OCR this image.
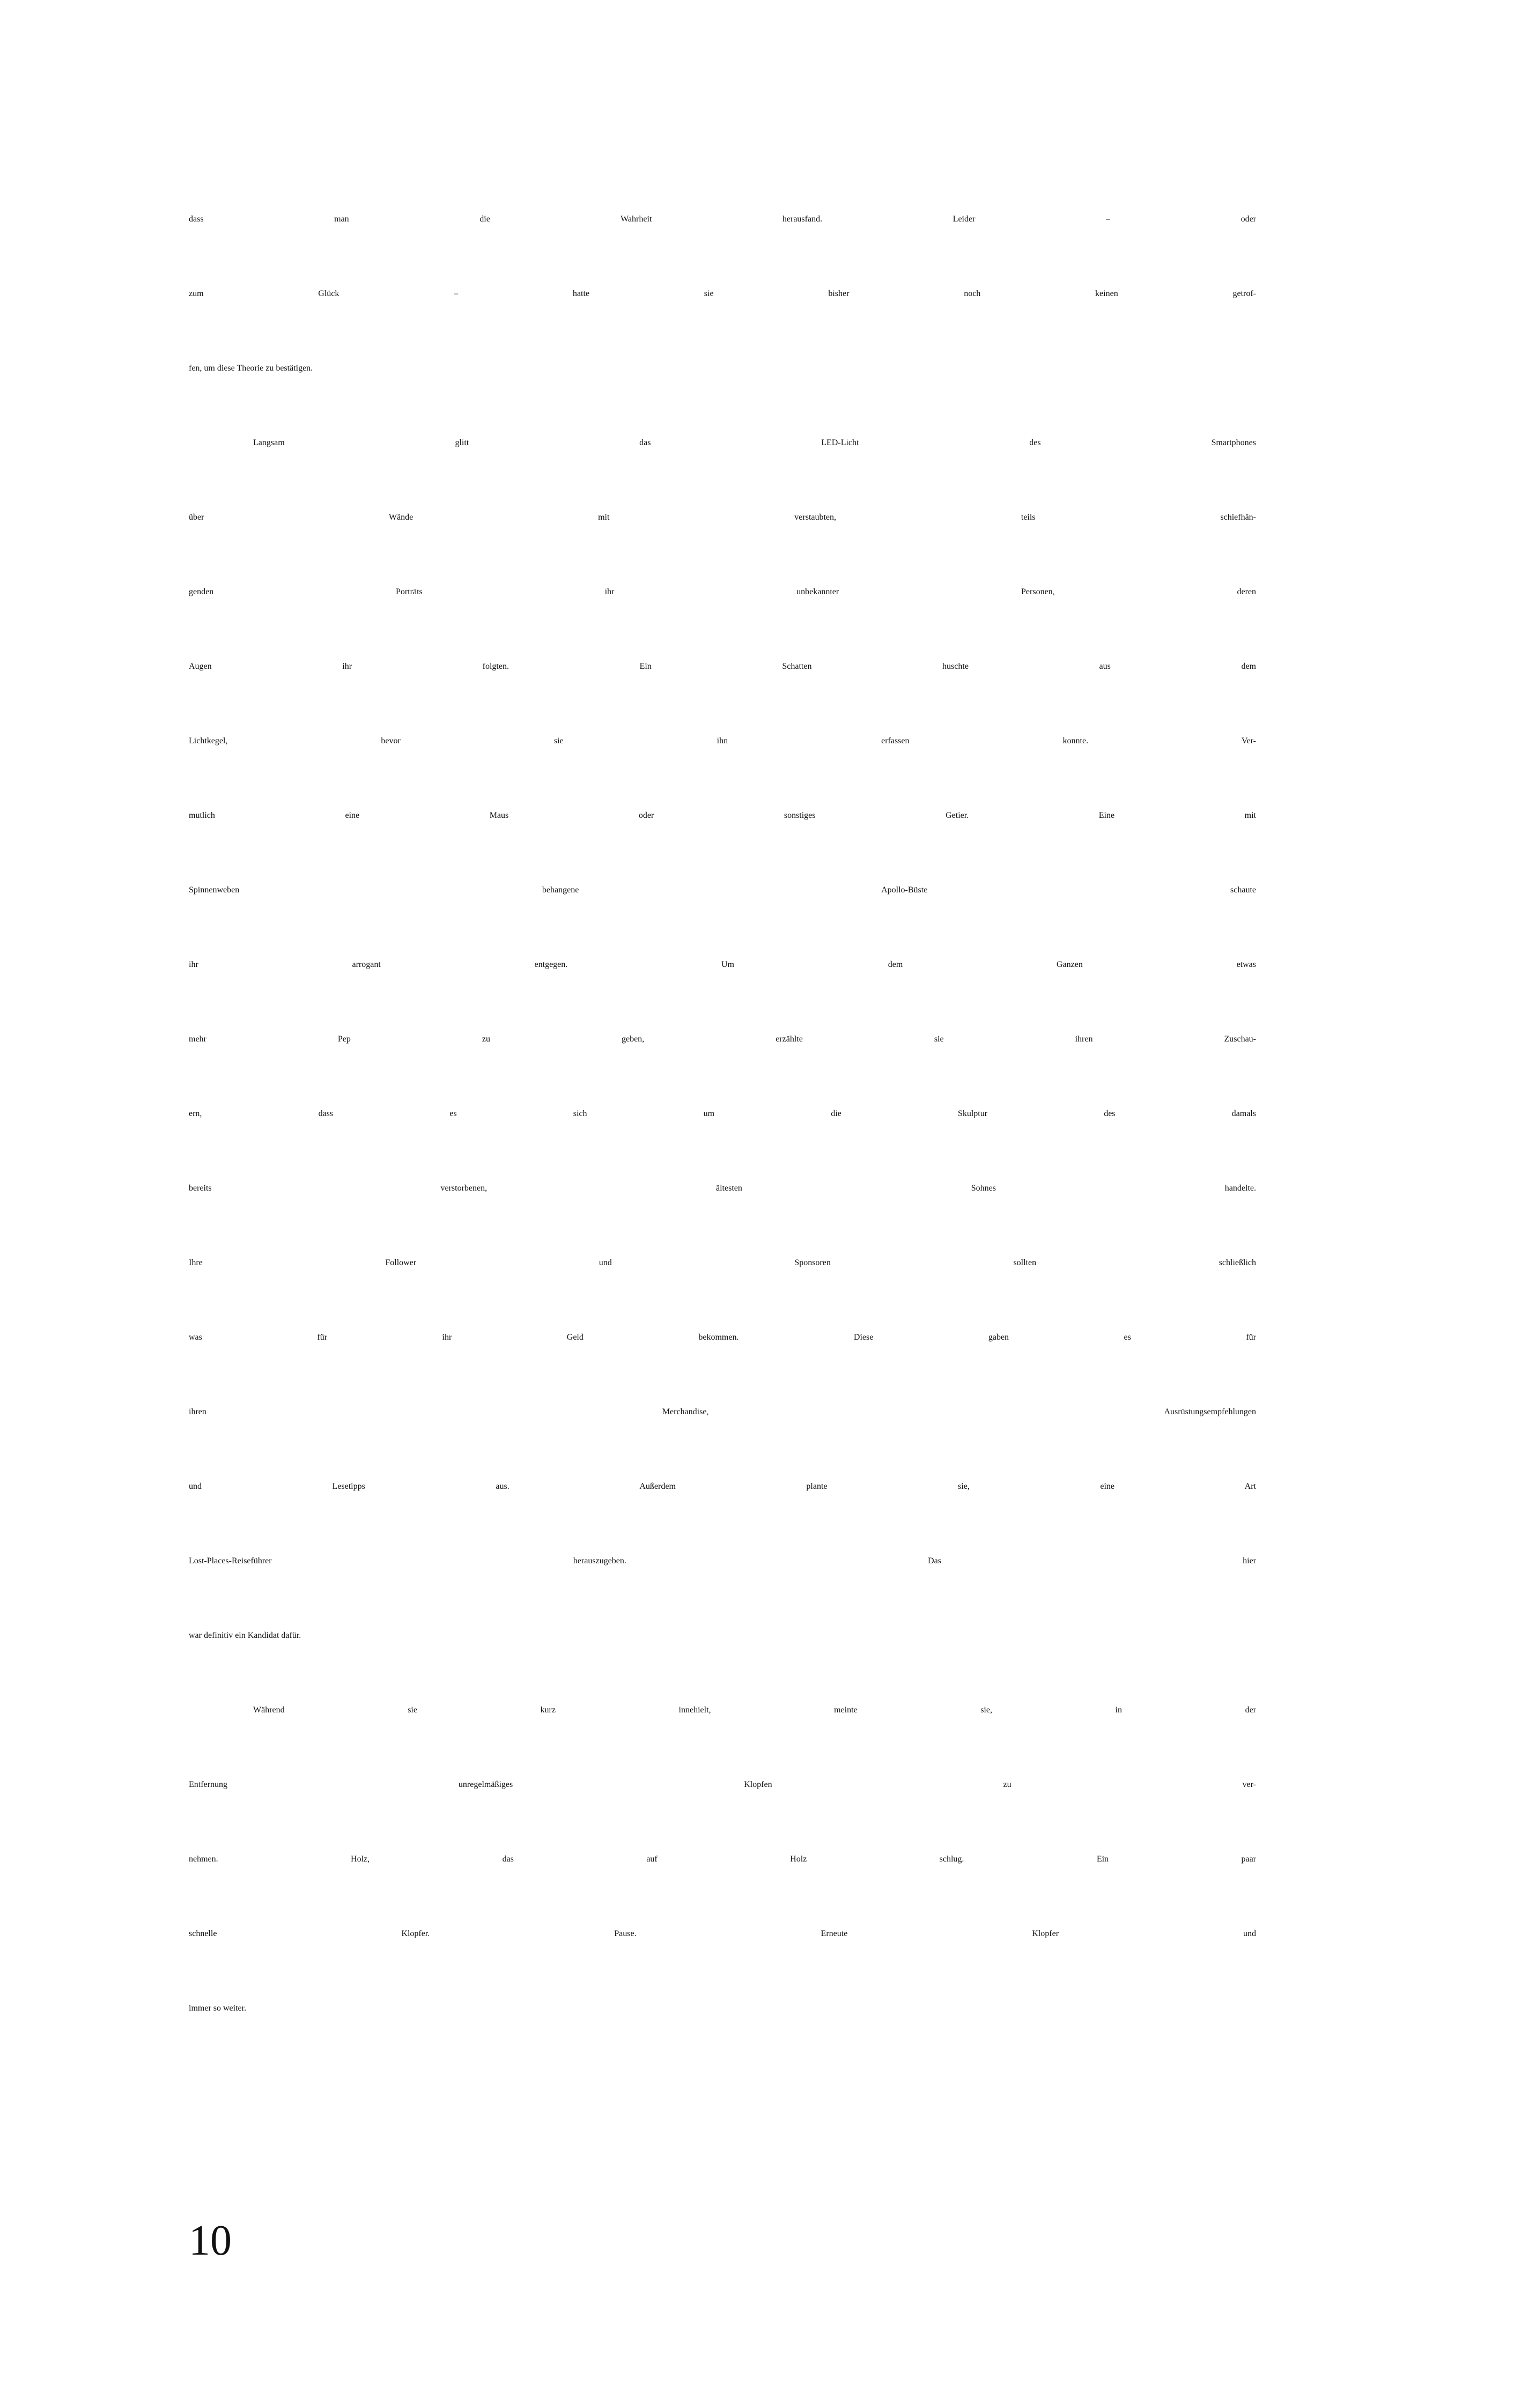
dass man die Wahrheit herausfand. Leider – oder
zum Glück – hatte sie bisher noch keinen getrof-
fen, um diese Theorie zu bestätigen.
Langsam glitt das LED-Licht des Smartphones
über Wände mit verstaubten, teils schiefhän-
genden Porträts ihr unbekannter Personen, deren
Augen ihr folgten. Ein Schatten huschte aus dem
Lichtkegel, bevor sie ihn erfassen konnte. Ver-
mutlich eine Maus oder sonstiges Getier. Eine mit
Spinnenweben behangene Apollo-Büste schaute
ihr arrogant entgegen. Um dem Ganzen etwas
mehr Pep zu geben, erzählte sie ihren Zuschau-
ern, dass es sich um die Skulptur des damals
bereits verstorbenen, ältesten Sohnes handelte.
Ihre Follower und Sponsoren sollten schließlich
was für ihr Geld bekommen. Diese gaben es für
ihren Merchandise, Ausrüstungsempfehlungen
und Lesetipps aus. Außerdem plante sie, eine Art
Lost-Places-Reiseführer herauszugeben. Das hier
war definitiv ein Kandidat dafür.
Während sie kurz innehielt, meinte sie, in der
Entfernung unregelmäßiges Klopfen zu ver-
nehmen. Holz, das auf Holz schlug. Ein paar
schnelle Klopfer. Pause. Erneute Klopfer und
immer so weiter.
10
